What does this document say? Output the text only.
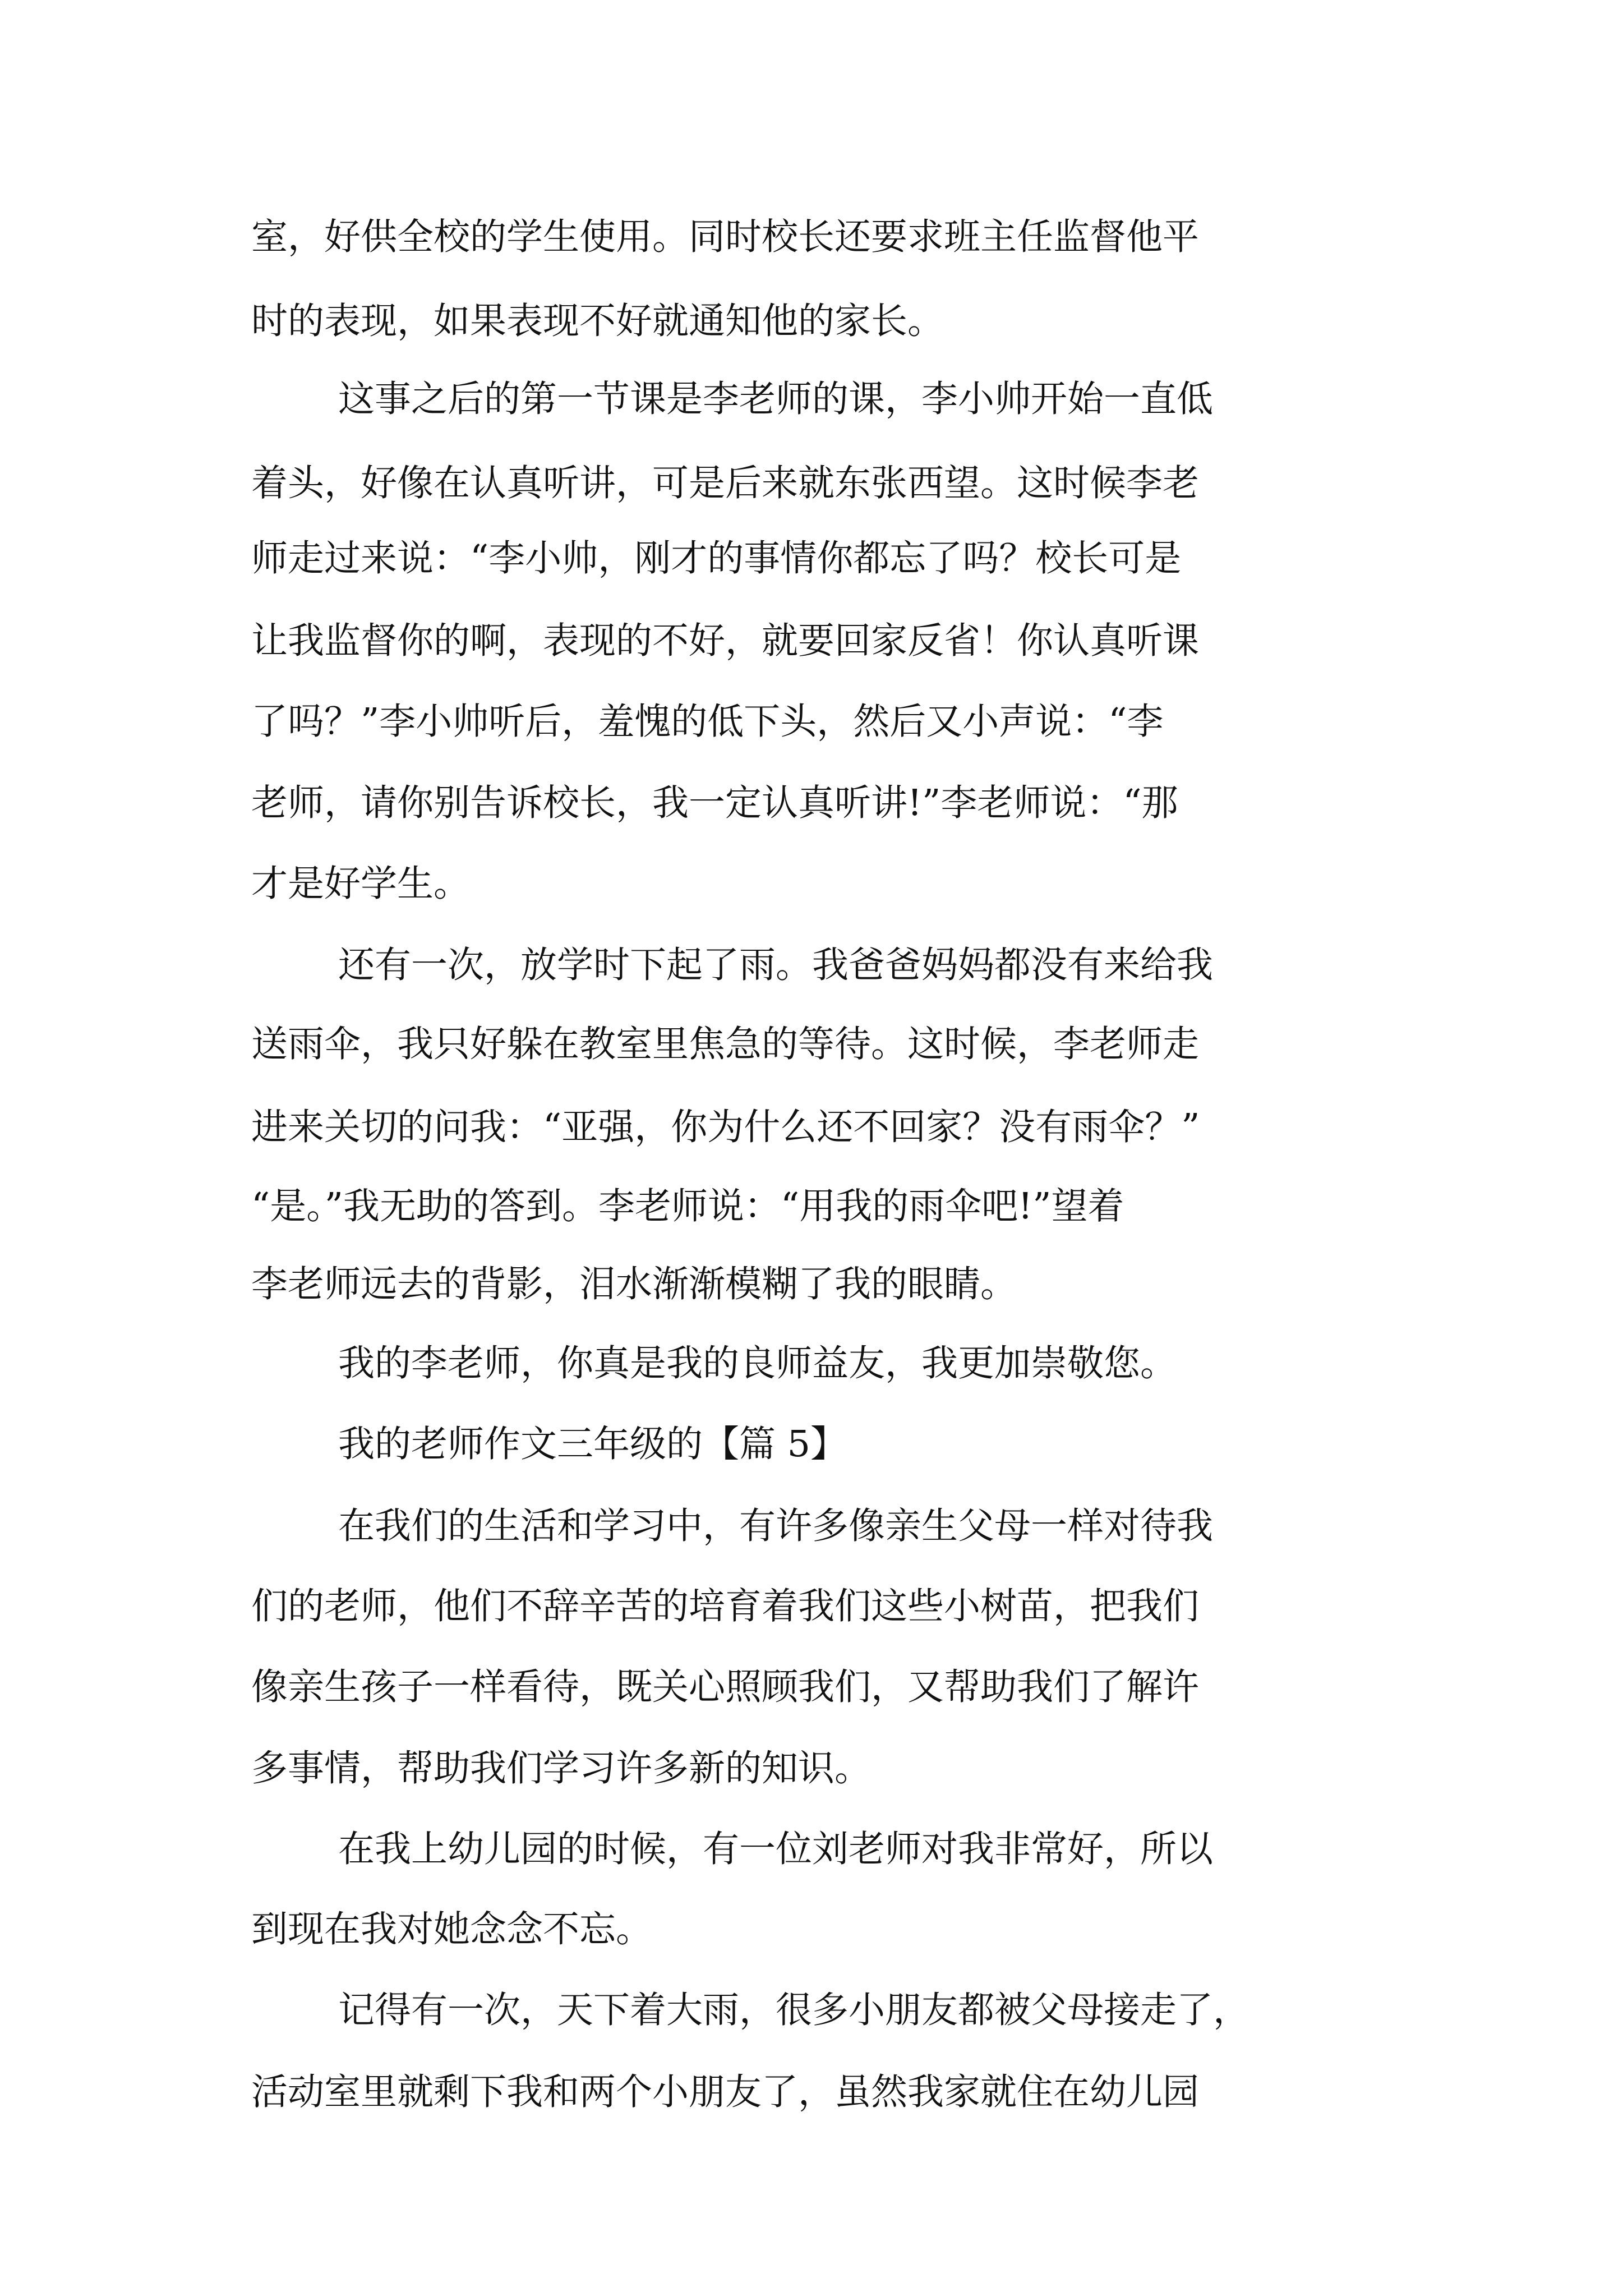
室，好供全校的学生使用。同时校长还要求班主任监督他平
时的表现，如果表现不好就通知他的家长。
这事之后的第一节课是李老师的课，李小帅开始一直低
着头，好像在认真听讲，可是后来就东张西望。这时候李老
师走过来说：“李小帅，刚才的事情你都忘了吗？校长可是
让我监督你的啊，表现的不好，就要回家反省！你认真听课
了吗？”李小帅听后，羞愧的低下头，然后又小声说：“李
老师，请你别告诉校长，我一定认真听讲!”李老师说：“那
才是好学生。
还有一次，放学时下起了雨。我爸爸妈妈都没有来给我
送雨伞，我只好躲在教室里焦急的等待。这时候，李老师走
进来关切的问我：“亚强，你为什么还不回家？没有雨伞？”
“是。”我无助的答到。李老师说：“用我的雨伞吧!”望着
李老师远去的背影，泪水渐渐模糊了我的眼睛。
我的李老师，你真是我的良师益友，我更加崇敬您。
我的老师作文三年级的【篇 5】
在我们的生活和学习中，有许多像亲生父母一样对待我
们的老师，他们不辞辛苦的培育着我们这些小树苗，把我们
像亲生孩子一样看待，既关心照顾我们，又帮助我们了解许
多事情，帮助我们学习许多新的知识。
在我上幼儿园的时候，有一位刘老师对我非常好，所以
到现在我对她念念不忘。
记得有一次，天下着大雨，很多小朋友都被父母接走了，
活动室里就剩下我和两个小朋友了，虽然我家就住在幼儿园
